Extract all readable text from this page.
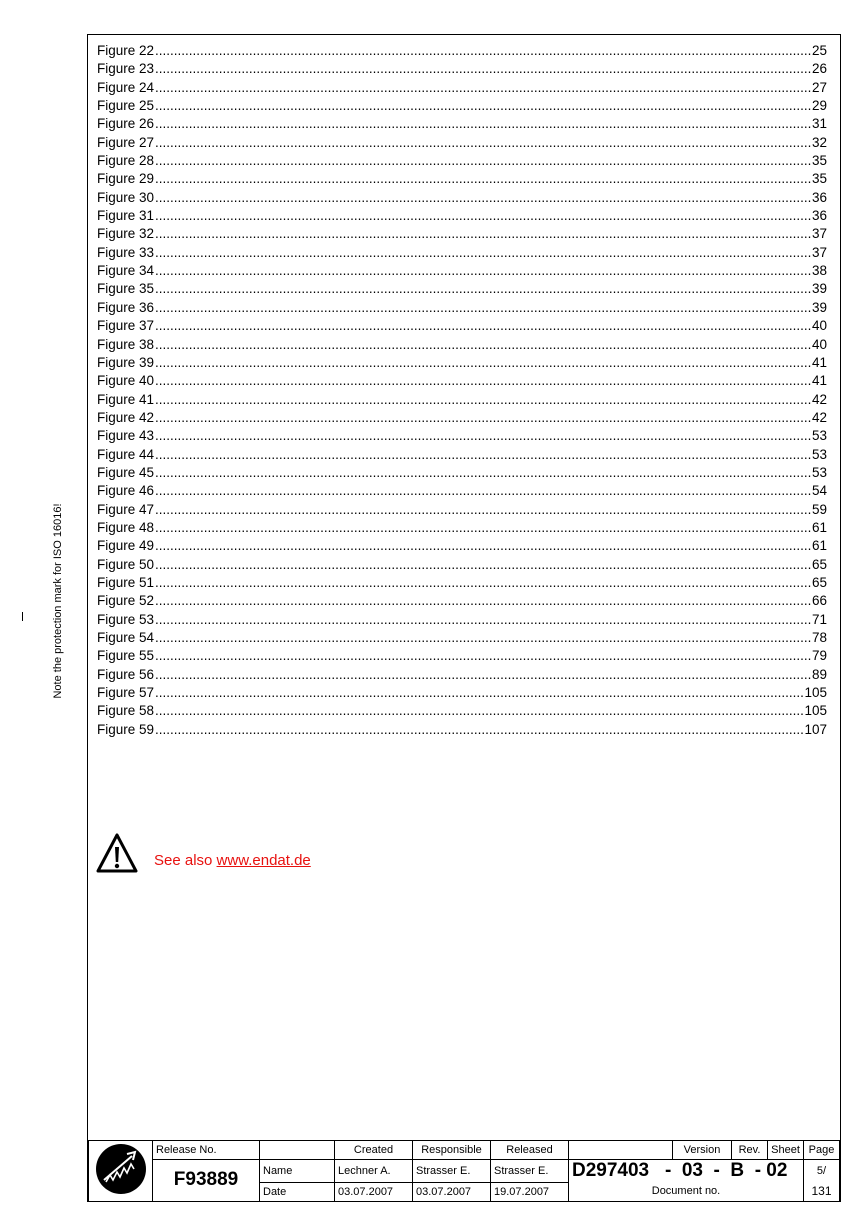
Note the protection mark for ISO 16016!
Figure 22 .....	25
Figure 23 .....	26
Figure 24 .....	27
Figure 25 .....	29
Figure 26 .....	31
Figure 27 .....	32
Figure 28 .....	35
Figure 29 .....	35
Figure 30 .....	36
Figure 31 .....	36
Figure 32 .....	37
Figure 33 .....	37
Figure 34 .....	38
Figure 35 .....	39
Figure 36 .....	39
Figure 37 .....	40
Figure 38 .....	40
Figure 39 .....	41
Figure 40 .....	41
Figure 41 .....	42
Figure 42 .....	42
Figure 43 .....	53
Figure 44 .....	53
Figure 45 .....	53
Figure 46 .....	54
Figure 47 .....	59
Figure 48 .....	61
Figure 49 .....	61
Figure 50 .....	65
Figure 51 .....	65
Figure 52 .....	66
Figure 53 .....	71
Figure 54 .....	78
Figure 55 .....	79
Figure 56 .....	89
Figure 57 .....	105
Figure 58 .....	105
Figure 59 .....	107
See also www.endat.de
	Release No.		Created	Responsible	Released		Version	Rev.	Sheet	Page
	F93889	Name	Lechner A.	Strasser E.	Strasser E.	D297403   -  03  -  B  - 02				5/
		Date	03.07.2007	03.07.2007	19.07.2007	Document no.				131
